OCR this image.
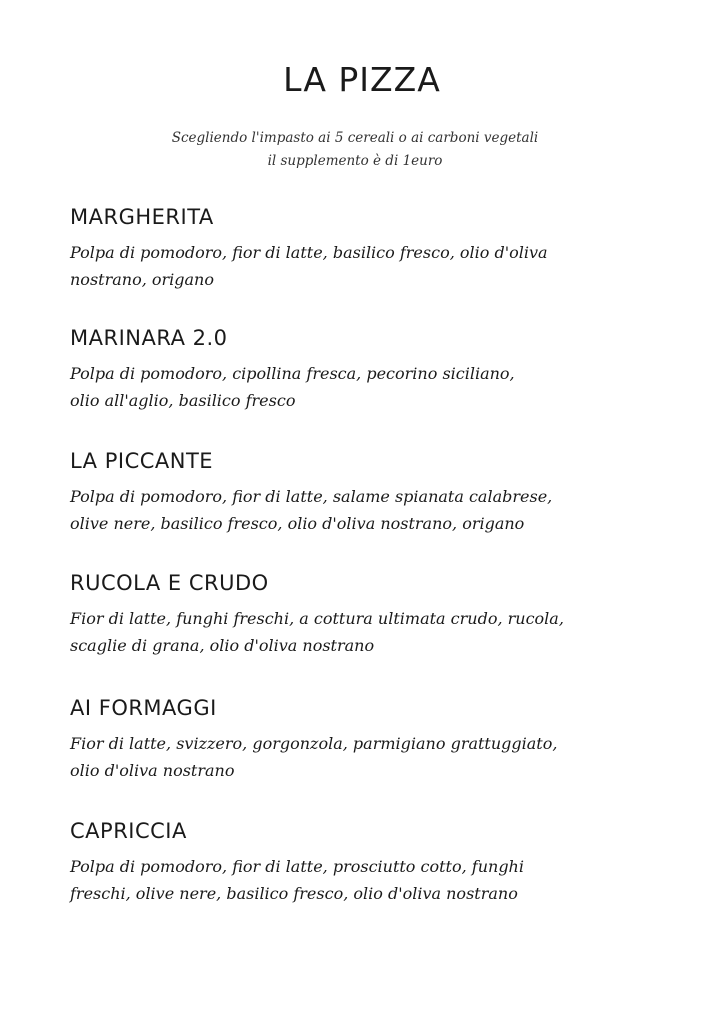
LA PIZZA
Scegliendo l'impasto ai 5 cereali o ai carboni vegetali
il supplemento è di 1euro
MARGHERITA
Polpa di pomodoro, fior di latte, basilico fresco, olio d'oliva
nostrano, origano
MARINARA 2.0
Polpa di pomodoro, cipollina fresca, pecorino siciliano,
olio all'aglio, basilico fresco
LA PICCANTE
Polpa di pomodoro, fior di latte, salame spianata calabrese,
olive nere, basilico fresco, olio d'oliva nostrano, origano
RUCOLA E CRUDO
Fior di latte, funghi freschi, a cottura ultimata crudo, rucola,
scaglie di grana, olio d'oliva nostrano
AI FORMAGGI
Fior di latte, svizzero, gorgonzola, parmigiano grattuggiato,
olio d'oliva nostrano
CAPRICCIA
Polpa di pomodoro, fior di latte, prosciutto cotto, funghi
freschi, olive nere, basilico fresco, olio d'oliva nostrano
